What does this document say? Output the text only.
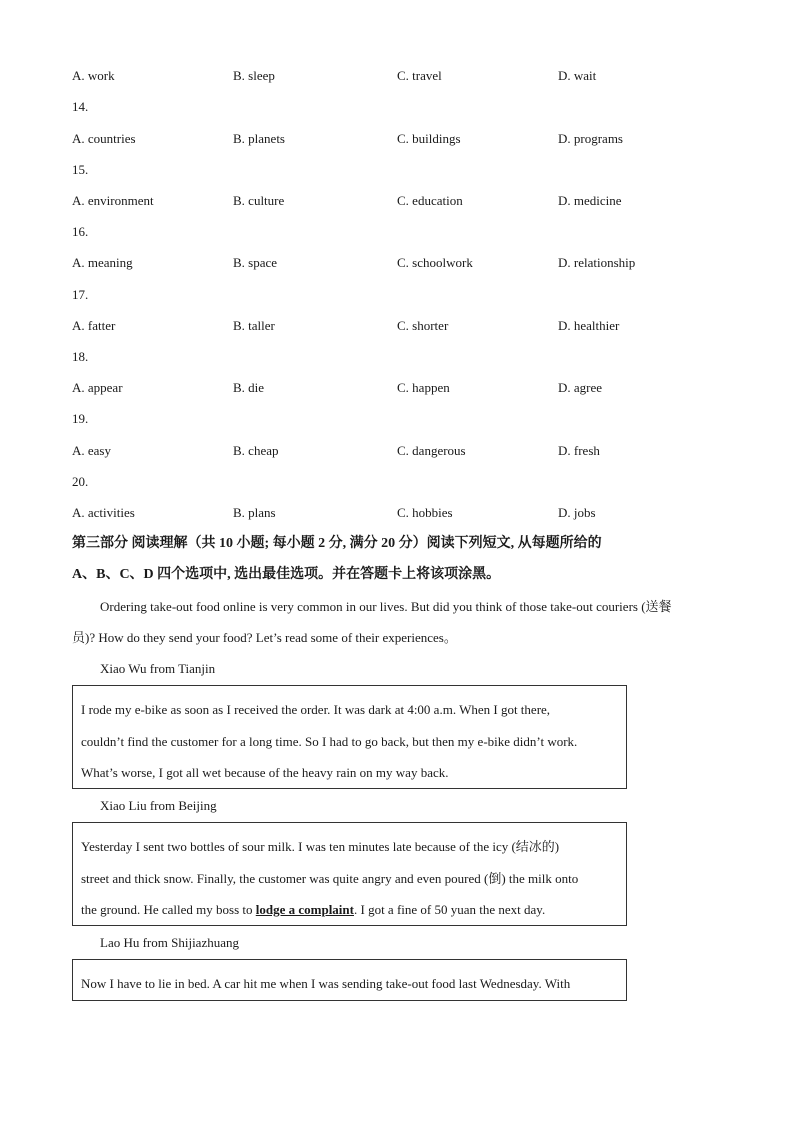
A. work	B. sleep	C. travel	D. wait
14.
A. countries	B. planets	C. buildings	D. programs
15.
A. environment	B. culture	C. education	D. medicine
16.
A. meaning	B. space	C. schoolwork	D. relationship
17.
A. fatter	B. taller	C. shorter	D. healthier
18.
A. appear	B. die	C. happen	D. agree
19.
A. easy	B. cheap	C. dangerous	D. fresh
20.
A. activities	B. plans	C. hobbies	D. jobs
第三部分 阅读理解（共 10 小题; 每小题 2 分, 满分 20 分）阅读下列短文, 从每题所给的
A、B、C、D 四个选项中, 选出最佳选项。并在答题卡上将该项涂黑。
Ordering take-out food online is very common in our lives. But did you think of those take-out couriers (送餐
员)? How do they send your food? Let’s read some of their experiences。
Xiao Wu from Tianjin

I rode my e-bike as soon as I received the order. It was dark at 4:00 a.m. When I got there,

couldn’t find the customer for a long time. So I had to go back, but then my e-bike didn’t work.

What’s worse, I got all wet because of the heavy rain on my way back.

Xiao Liu from Beijing

Yesterday I sent two bottles of sour milk. I was ten minutes late because of the icy (结冰的)

street and thick snow. Finally, the customer was quite angry and even poured (倒) the milk onto

the ground. He called my boss to lodge a complaint. I got a fine of 50 yuan the next day.

Lao Hu from Shijiazhuang

Now I have to lie in bed. A car hit me when I was sending take-out food last Wednesday. With
